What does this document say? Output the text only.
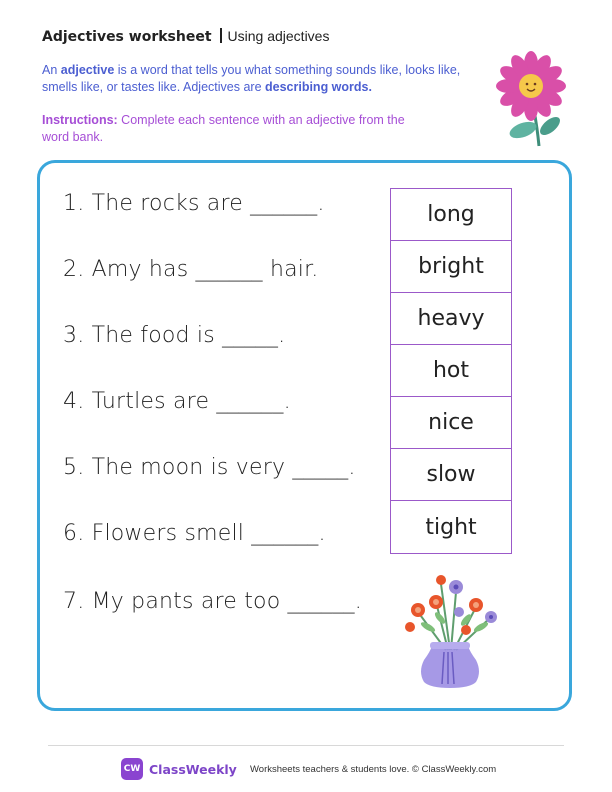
Adjectives worksheet Using adjectives
An adjective is a word that tells you what something sounds like, looks like, smells like, or tastes like. Adjectives are describing words.
Instructions: Complete each sentence with an adjective from the word bank.
1. The rocks are ______.
2. Amy has ______ hair.
3. The food is _____.
4. Turtles are ______.
5. The moon is very _____.
6. Flowers smell ______.
7. My pants are too ______.
long
bright
heavy
hot
nice
slow
tight
CW ClassWeekly Worksheets teachers & students love. © ClassWeekly.com
